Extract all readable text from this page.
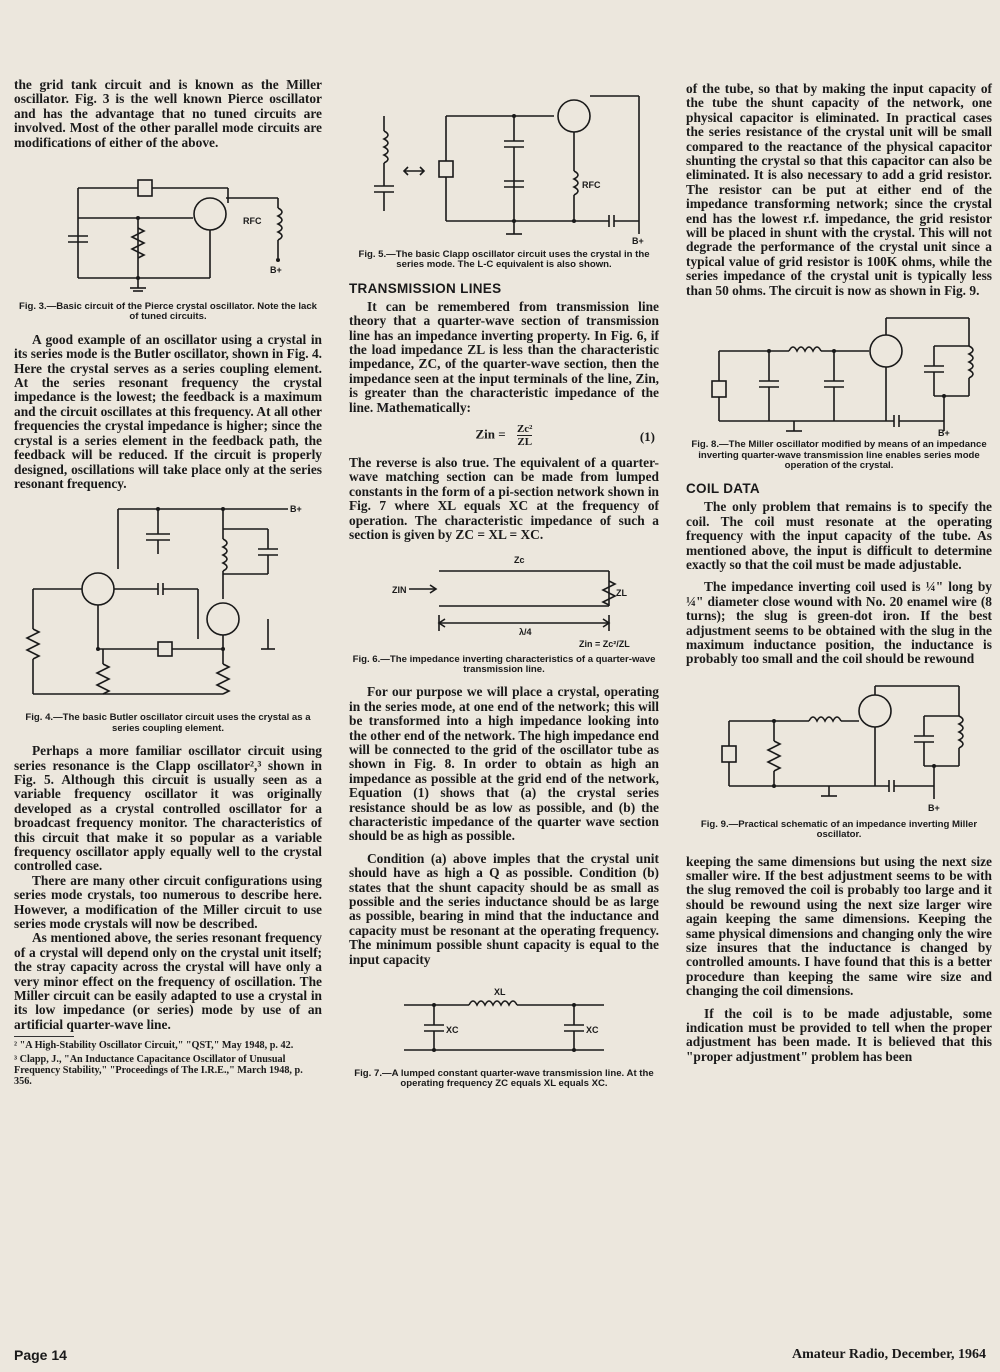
the grid tank circuit and is known as the Miller oscillator. Fig. 3 is the well known Pierce oscillator and has the advantage that no tuned circuits are involved. Most of the other parallel mode circuits are modifications of either of the above.

RFC
B+
Fig. 3.—Basic circuit of the Pierce crystal oscillator. Note the lack of tuned circuits.

A good example of an oscillator using a crystal in its series mode is the Butler oscillator, shown in Fig. 4. Here the crystal serves as a series coupling element. At the series resonant frequency the crystal impedance is the lowest; the feedback is a maximum and the circuit oscillates at this frequency. At all other frequencies the crystal impedance is higher; since the crystal is a series element in the feedback path, the feedback will be reduced. If the circuit is properly designed, oscillations will take place only at the series resonant frequency.

B+
Fig. 4.—The basic Butler oscillator circuit uses the crystal as a series coupling element.

Perhaps a more familiar oscillator circuit using series resonance is the Clapp oscillator²,³ shown in Fig. 5. Although this circuit is usually seen as a variable frequency oscillator it was originally developed as a crystal controlled oscillator for a broadcast frequency monitor. The characteristics of this circuit that make it so popular as a variable frequency oscillator apply equally well to the crystal controlled case.

There are many other circuit configurations using series mode crystals, too numerous to describe here. However, a modification of the Miller circuit to use series mode crystals will now be described.

As mentioned above, the series resonant frequency of a crystal will depend only on the crystal unit itself; the stray capacity across the crystal will have only a very minor effect on the frequency of oscillation. The Miller circuit can be easily adapted to use a crystal in its low impedance (or series) mode by use of an artificial quarter-wave line.

² "A High-Stability Oscillator Circuit," "QST," May 1948, p. 42.
³ Clapp, J., "An Inductance Capacitance Oscillator of Unusual Frequency Stability," "Proceedings of The I.R.E.," March 1948, p. 356.
RFC
B+
Fig. 5.—The basic Clapp oscillator circuit uses the crystal in the series mode. The L-C equivalent is also shown.
TRANSMISSION LINES

It can be remembered from transmission line theory that a quarter-wave section of transmission line has an impedance inverting property. In Fig. 6, if the load impedance ZL is less than the characteristic impedance, ZC, of the quarter-wave section, then the impedance seen at the input terminals of the line, Zin, is greater than the characteristic impedance of the line. Mathematically:

Zin = $\frac{\text{Zc²}}{ZL}$	(1)

The reverse is also true. The equivalent of a quarter-wave matching section can be made from lumped constants in the form of a pi-section network shown in Fig. 7 where XL equals XC at the frequency of operation. The characteristic impedance of such a section is given by ZC = XL = XC.

Zc
ZL
ZIN
λ/4
Zin = Zc²/ZL
Fig. 6.—The impedance inverting characteristics of a quarter-wave transmission line.

For our purpose we will place a crystal, operating in the series mode, at one end of the network; this will be transformed into a high impedance looking into the other end of the network. The high impedance end will be connected to the grid of the oscillator tube as shown in Fig. 8. In order to obtain as high an impedance as possible at the grid end of the network, Equation (1) shows that (a) the crystal series resistance should be as low as possible, and (b) the characteristic impedance of the quarter wave section should be as high as possible.

Condition (a) above imples that the crystal unit should have as high a Q as possible. Condition (b) states that the shunt capacity should be as small as possible and the series inductance should be as large as possible, bearing in mind that the inductance and capacity must be resonant at the operating frequency. The minimum possible shunt capacity is equal to the input capacity

XL
XC	XC
Fig. 7.—A lumped constant quarter-wave transmission line. At the operating frequency ZC equals XL equals XC.

of the tube, so that by making the input capacity of the tube the shunt capacity of the network, one physical capacitor is eliminated. In practical cases the series resistance of the crystal unit will be small compared to the reactance of the physical capacitor shunting the crystal so that this capacitor can also be eliminated. It is also necessary to add a grid resistor. The resistor can be put at either end of the impedance transforming network; since the crystal end has the lowest r.f. impedance, the grid resistor will be placed in shunt with the crystal. This will not degrade the performance of the crystal unit since a typical value of grid resistor is 100K ohms, while the series impedance of the crystal unit is typically less than 50 ohms. The circuit is now as shown in Fig. 9.

B+
Fig. 8.—The Miller oscillator modified by means of an impedance inverting quarter-wave transmission line enables series mode operation of the crystal.
COIL DATA

The only problem that remains is to specify the coil. The coil must resonate at the operating frequency with the input capacity of the tube. As mentioned above, the input is difficult to determine exactly so that the coil must be made adjustable.

The impedance inverting coil used is ¼" long by ¼" diameter close wound with No. 20 enamel wire (8 turns); the slug is green-dot iron. If the best adjustment seems to be obtained with the slug in the maximum inductance position, the inductance is probably too small and the coil should be rewound

B+
Fig. 9.—Practical schematic of an impedance inverting Miller oscillator.

keeping the same dimensions but using the next size smaller wire. If the best adjustment seems to be with the slug removed the coil is probably too large and it should be rewound using the next size larger wire again keeping the same dimensions. Keeping the same physical dimensions and changing only the wire size insures that the inductance is changed by controlled amounts. I have found that this is a better procedure than keeping the same wire size and changing the coil dimensions.

If the coil is to be made adjustable, some indication must be provided to tell when the proper adjustment has been made. It is believed that this "proper adjustment" problem has been

Page 14	Amateur Radio, December, 1964
